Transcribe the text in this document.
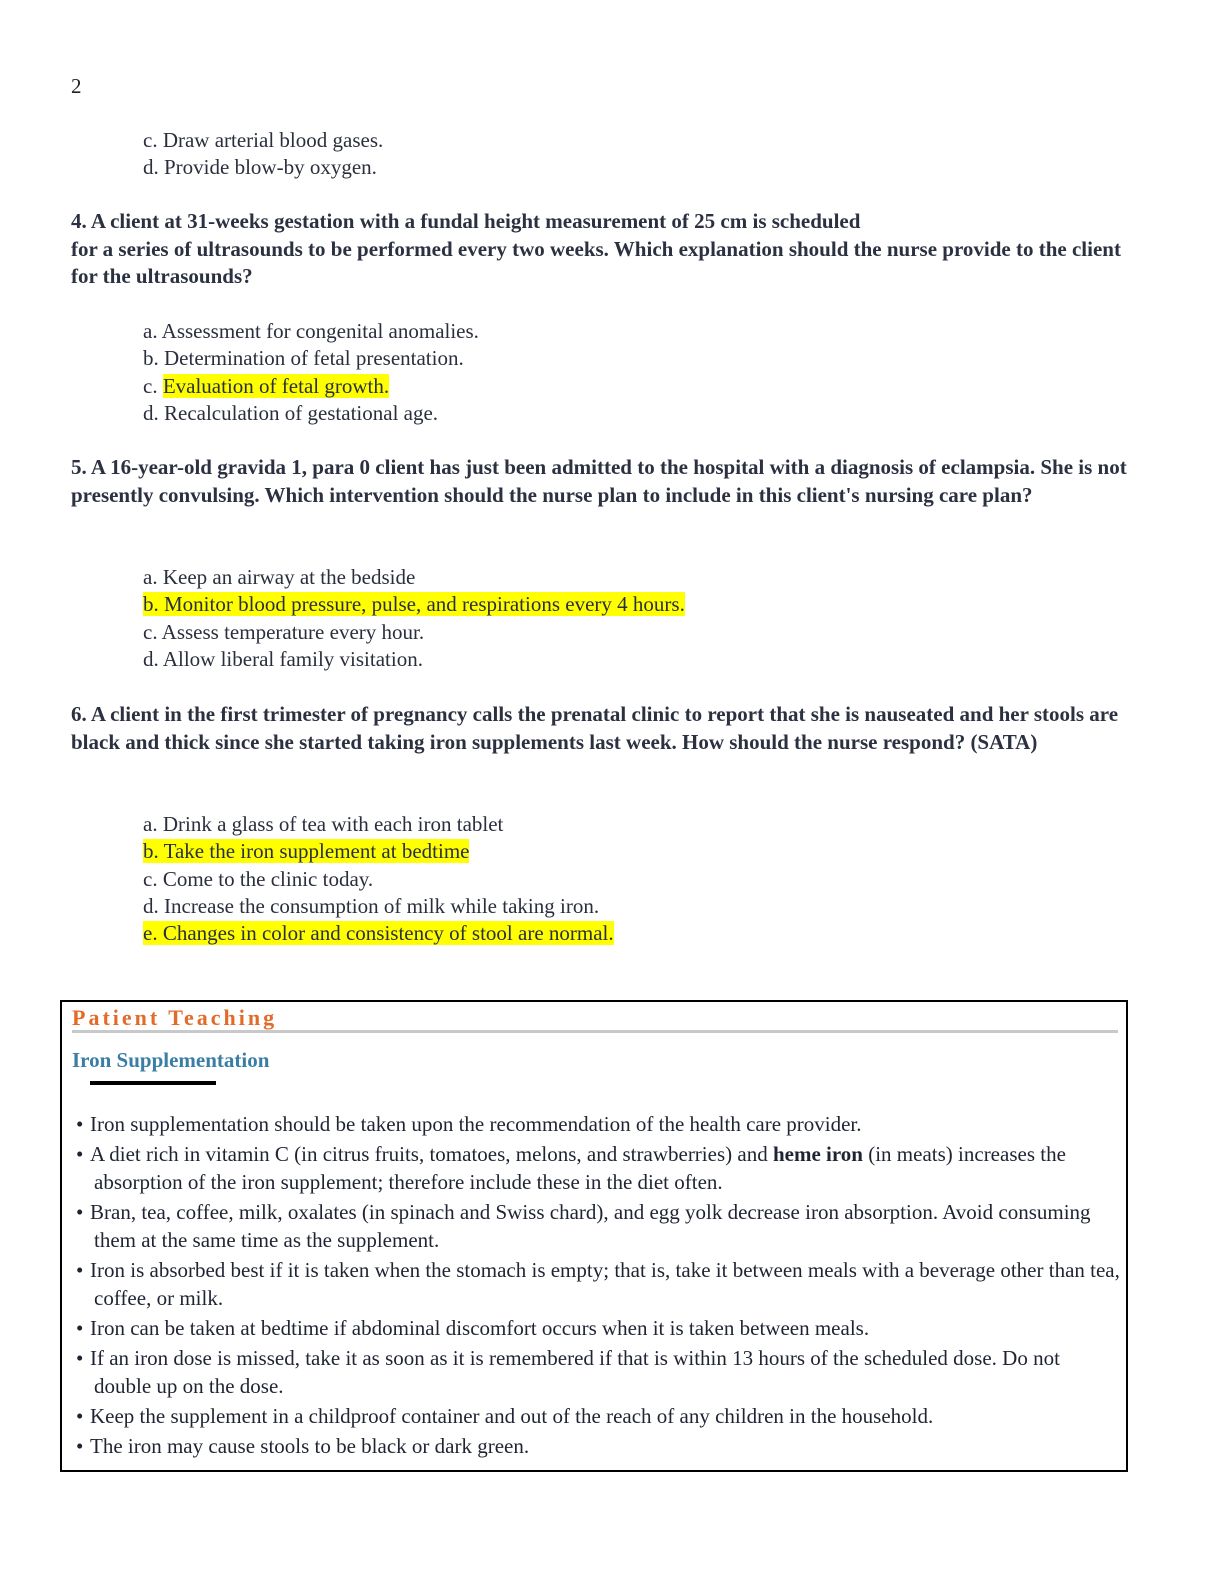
2
c. Draw arterial blood gases.
d. Provide blow-by oxygen.
4. A client at 31-weeks gestation with a fundal height measurement of 25 cm is scheduled
for a series of ultrasounds to be performed every two weeks. Which explanation should the nurse provide to the client for the ultrasounds?
a. Assessment for congenital anomalies.
b. Determination of fetal presentation.
c. Evaluation of fetal growth.
d. Recalculation of gestational age.
5. A 16-year-old gravida 1, para 0 client has just been admitted to the hospital with a diagnosis of eclampsia. She is not presently convulsing. Which intervention should the nurse plan to include in this client's nursing care plan?
a. Keep an airway at the bedside
b. Monitor blood pressure, pulse, and respirations every 4 hours.
c. Assess temperature every hour.
d. Allow liberal family visitation.
6. A client in the first trimester of pregnancy calls the prenatal clinic to report that she is nauseated and her stools are black and thick since she started taking iron supplements last week. How should the nurse respond? (SATA)
a. Drink a glass of tea with each iron tablet
b. Take the iron supplement at bedtime
c. Come to the clinic today.
d. Increase the consumption of milk while taking iron.
e. Changes in color and consistency of stool are normal.
Patient Teaching
Iron Supplementation
• Iron supplementation should be taken upon the recommendation of the health care provider.
• A diet rich in vitamin C (in citrus fruits, tomatoes, melons, and strawberries) and heme iron (in meats) increases the absorption of the iron supplement; therefore include these in the diet often.
• Bran, tea, coffee, milk, oxalates (in spinach and Swiss chard), and egg yolk decrease iron absorption. Avoid consuming them at the same time as the supplement.
• Iron is absorbed best if it is taken when the stomach is empty; that is, take it between meals with a beverage other than tea, coffee, or milk.
• Iron can be taken at bedtime if abdominal discomfort occurs when it is taken between meals.
• If an iron dose is missed, take it as soon as it is remembered if that is within 13 hours of the scheduled dose. Do not double up on the dose.
• Keep the supplement in a childproof container and out of the reach of any children in the household.
• The iron may cause stools to be black or dark green.
